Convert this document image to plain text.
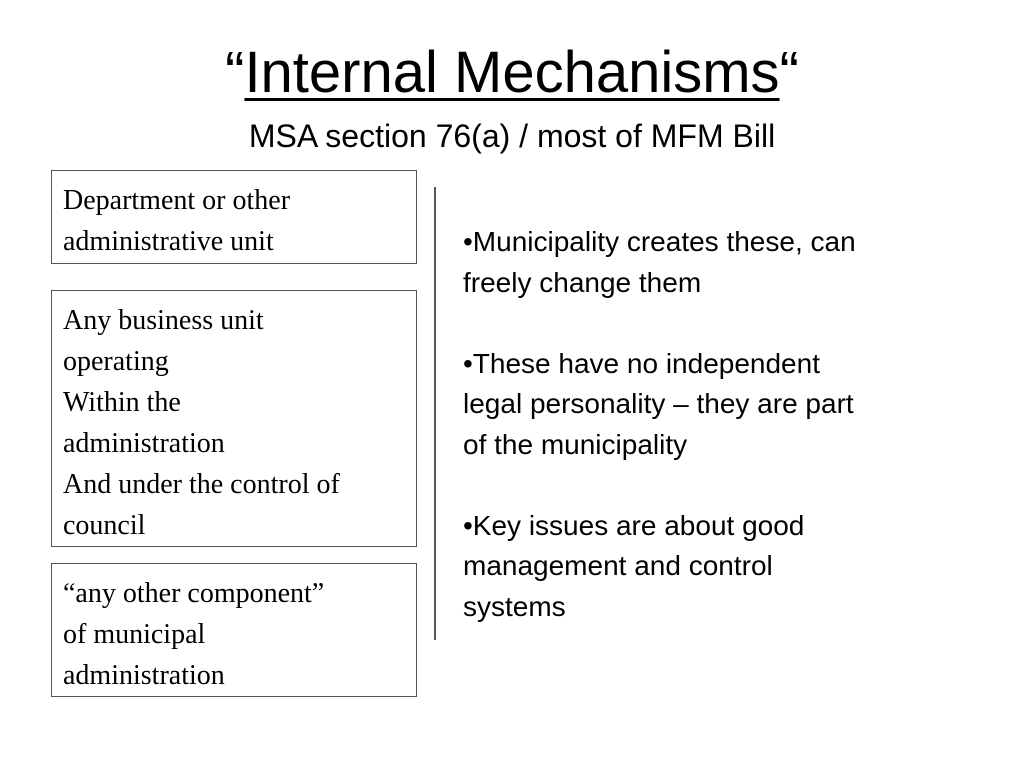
“Internal Mechanisms“
MSA section 76(a) / most of MFM Bill
Department or other
administrative unit
Any business unit
operating
Within the
administration
And under the control of
council
“any other component”
of municipal
administration
•Municipality creates these, can
freely change them
•These have no independent
legal personality – they are part
of the municipality
•Key issues are about good
management and control
systems
